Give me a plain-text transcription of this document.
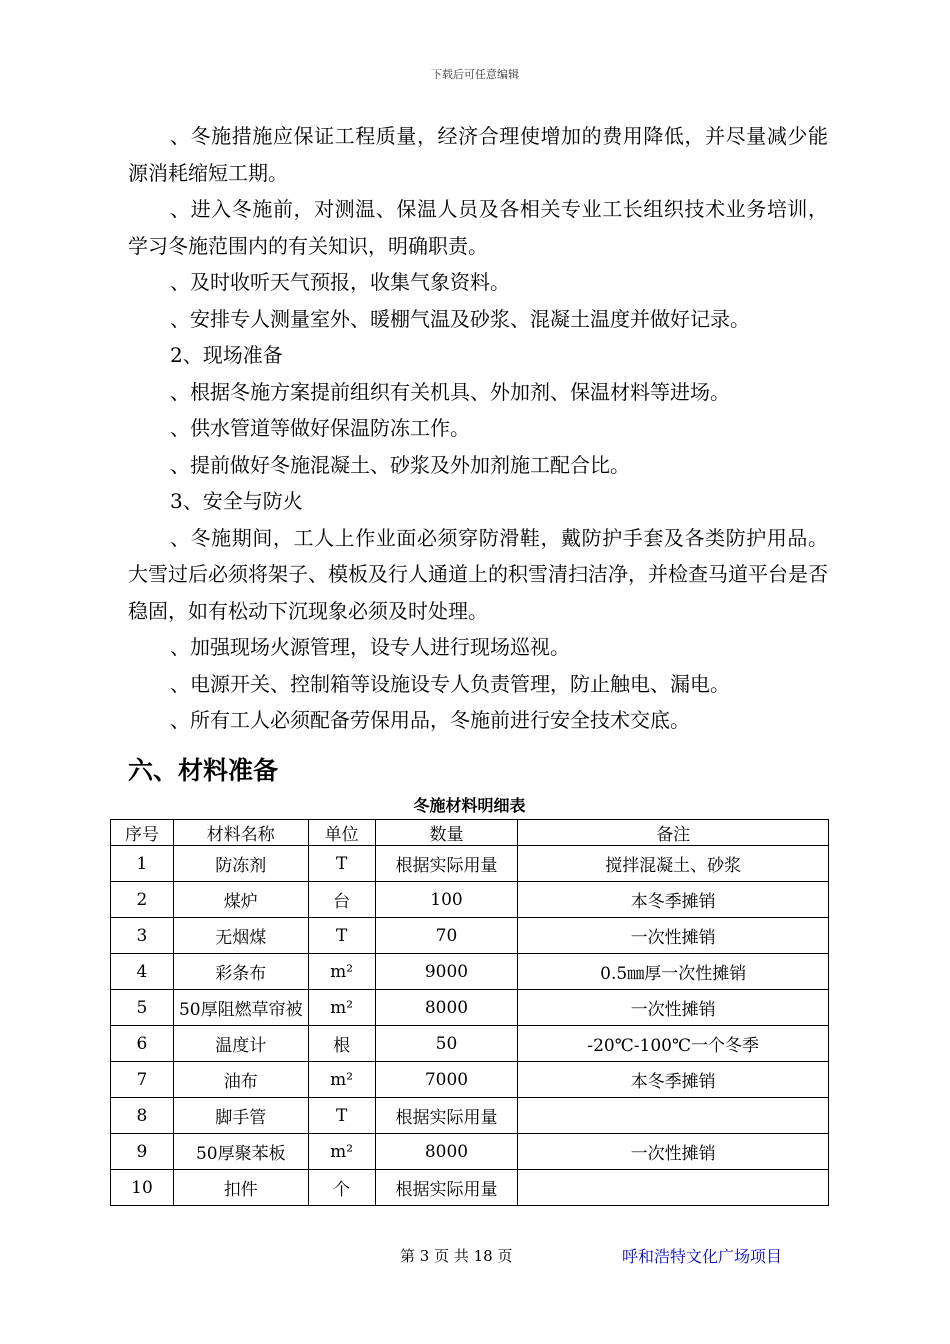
下载后可任意编辑

、冬施措施应保证工程质量，经济合理使增加的费用降低，并尽量减少能源消耗缩短工期。

、进入冬施前，对测温、保温人员及各相关专业工长组织技术业务培训，学习冬施范围内的有关知识，明确职责。

、及时收听天气预报，收集气象资料。

、安排专人测量室外、暖棚气温及砂浆、混凝土温度并做好记录。

2、现场准备

、根据冬施方案提前组织有关机具、外加剂、保温材料等进场。

、供水管道等做好保温防冻工作。

、提前做好冬施混凝土、砂浆及外加剂施工配合比。

3、安全与防火

、冬施期间，工人上作业面必须穿防滑鞋，戴防护手套及各类防护用品。大雪过后必须将架子、模板及行人通道上的积雪清扫洁净，并检查马道平台是否稳固，如有松动下沉现象必须及时处理。

、加强现场火源管理，设专人进行现场巡视。

、电源开关、控制箱等设施设专人负责管理，防止触电、漏电。

、所有工人必须配备劳保用品，冬施前进行安全技术交底。

六、材料准备
冬施材料明细表
序号	材料名称	单位	数量	备注
1	防冻剂	T	根据实际用量	搅拌混凝土、砂浆
2	煤炉	台	100	本冬季摊销
3	无烟煤	T	70	一次性摊销
4	彩条布	m²	9000	0.5㎜厚一次性摊销
5	50厚阻燃草帘被	m²	8000	一次性摊销
6	温度计	根	50	-20℃-100℃一个冬季
7	油布	m²	7000	本冬季摊销
8	脚手管	T	根据实际用量	
9	50厚聚苯板	m²	8000	一次性摊销
10	扣件	个	根据实际用量	
第 3 页 共 18 页	呼和浩特文化广场项目
